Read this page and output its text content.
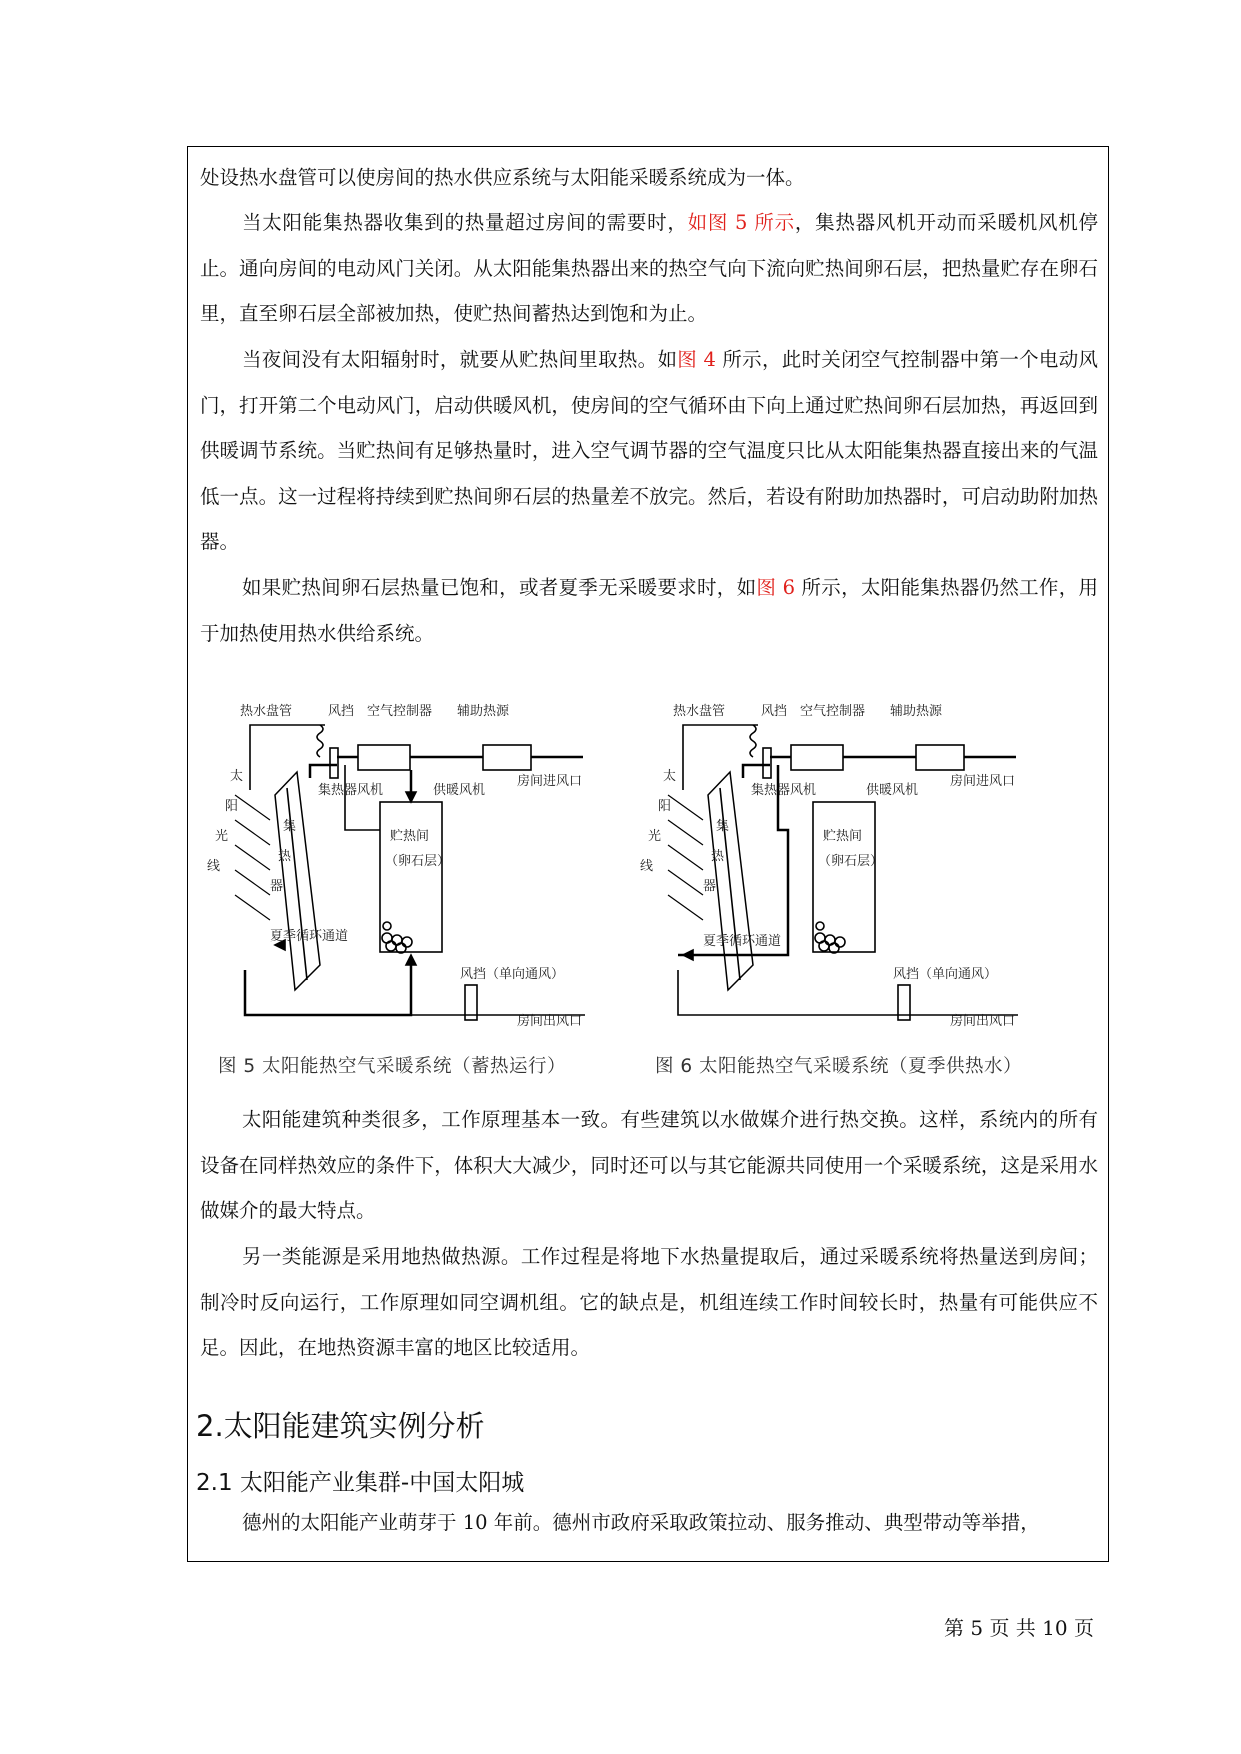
处设热水盘管可以使房间的热水供应系统与太阳能采暖系统成为一体。

当太阳能集热器收集到的热量超过房间的需要时，如图 5 所示，集热器风机开动而采暖机风机停止。通向房间的电动风门关闭。从太阳能集热器出来的热空气向下流向贮热间卵石层，把热量贮存在卵石里，直至卵石层全部被加热，使贮热间蓄热达到饱和为止。

当夜间没有太阳辐射时，就要从贮热间里取热。如图 4 所示，此时关闭空气控制器中第一个电动风门，打开第二个电动风门，启动供暖风机，使房间的空气循环由下向上通过贮热间卵石层加热，再返回到供暖调节系统。当贮热间有足够热量时，进入空气调节器的空气温度只比从太阳能集热器直接出来的气温低一点。这一过程将持续到贮热间卵石层的热量差不放完。然后，若设有附助加热器时，可启动助附加热器。

如果贮热间卵石层热量已饱和，或者夏季无采暖要求时，如图 6 所示，太阳能集热器仍然工作，用于加热使用热水供给系统。

热水盘管	风挡 空气控制器 辅助热源
太
阳
光
线
集
热
器
集热器风机	供暖风机
房间进风口
贮热间
（卵石层）
夏季循环通道
风挡（单向通风）
房间出风口
图 5 太阳能热空气采暖系统（蓄热运行）
热水盘管	风挡 空气控制器 辅助热源
太
阳
光
线
集
热
器
集热器风机	供暖风机
房间进风口
贮热间
（卵石层）
夏季循环通道
风挡（单向通风）
房间出风口
图 6 太阳能热空气采暖系统（夏季供热水）

太阳能建筑种类很多，工作原理基本一致。有些建筑以水做媒介进行热交换。这样，系统内的所有设备在同样热效应的条件下，体积大大减少，同时还可以与其它能源共同使用一个采暖系统，这是采用水做媒介的最大特点。

另一类能源是采用地热做热源。工作过程是将地下水热量提取后，通过采暖系统将热量送到房间；制冷时反向运行，工作原理如同空调机组。它的缺点是，机组连续工作时间较长时，热量有可能供应不足。因此，在地热资源丰富的地区比较适用。

2.太阳能建筑实例分析
2.1 太阳能产业集群-中国太阳城

德州的太阳能产业萌芽于 10 年前。德州市政府采取政策拉动、服务推动、典型带动等举措，

第 5 页 共 10 页
